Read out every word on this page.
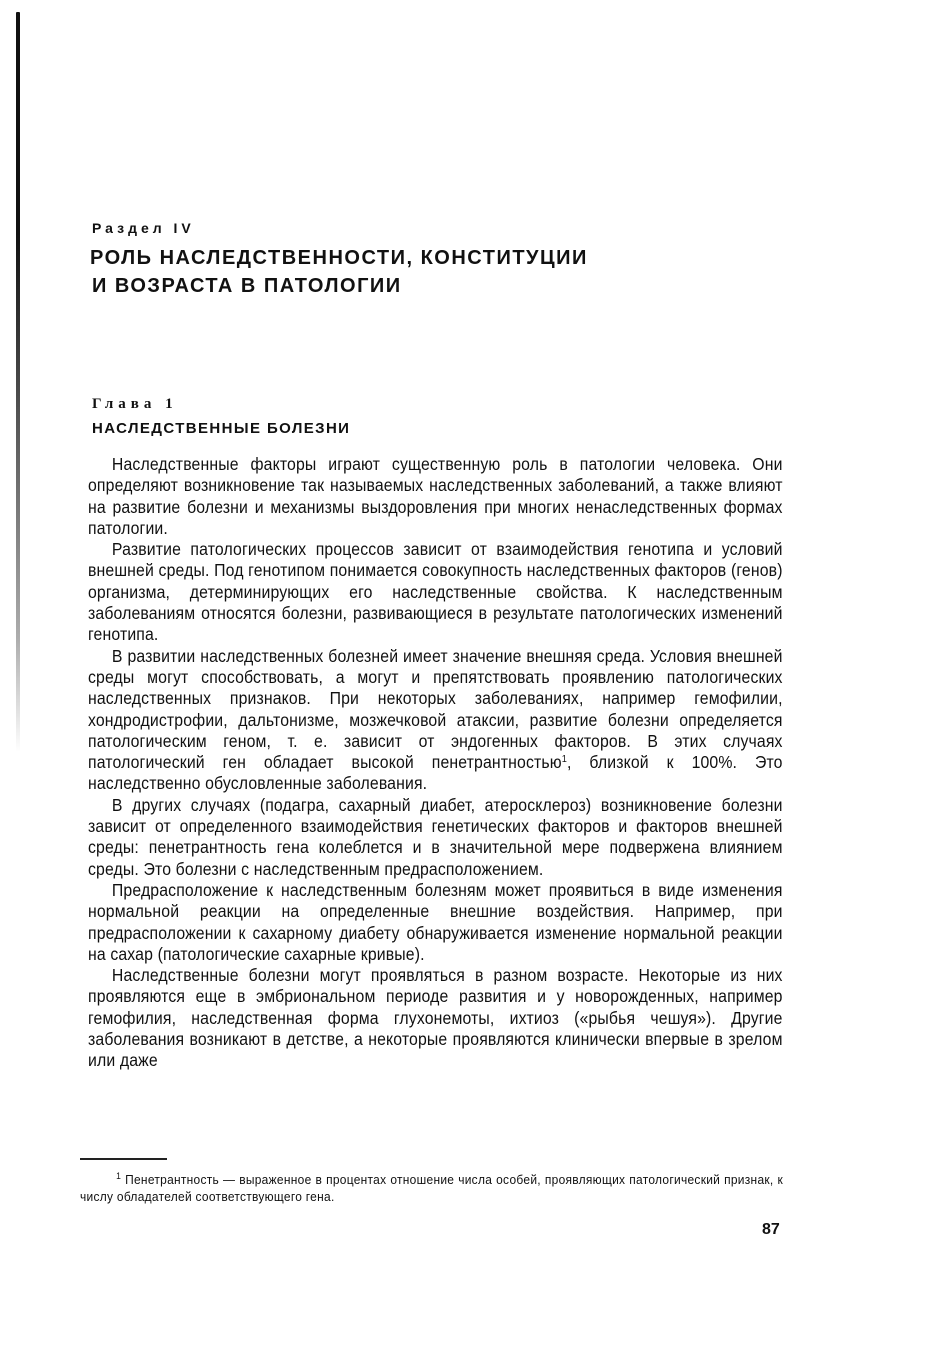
Раздел IV
РОЛЬ НАСЛЕДСТВЕННОСТИ, КОНСТИТУЦИИ
И ВОЗРАСТА В ПАТОЛОГИИ
Глава 1
НАСЛЕДСТВЕННЫЕ БОЛЕЗНИ

Наследственные факторы играют существенную роль в патологии человека. Они определяют возникновение так называемых наследственных заболеваний, а также влияют на развитие болезни и механизмы выздоровления при многих ненаследственных формах патологии.

Развитие патологических процессов зависит от взаимодействия генотипа и условий внешней среды. Под генотипом понимается совокупность наследственных факторов (генов) организма, детерминирующих его наследственные свойства. К наследственным заболеваниям относятся болезни, развивающиеся в результате патологических изменений генотипа.

В развитии наследственных болезней имеет значение внешняя среда. Условия внешней среды могут способствовать, а могут и препятствовать проявлению патологических наследственных признаков. При некоторых заболеваниях, например гемофилии, хондродистрофии, дальтонизме, мозжечковой атаксии, развитие болезни определяется патологическим геном, т. е. зависит от эндогенных факторов. В этих случаях патологический ген обладает высокой пенетрантностью$^1$, близкой к 100%. Это наследственно обусловленные заболевания.

В других случаях (подагра, сахарный диабет, атеросклероз) возникновение болезни зависит от определенного взаимодействия генетических факторов и факторов внешней среды: пенетрантность гена колеблется и в значительной мере подвержена влиянием среды. Это болезни с наследственным предрасположением.

Предрасположение к наследственным болезням может проявиться в виде изменения нормальной реакции на определенные внешние воздействия. Например, при предрасположении к сахарному диабету обнаруживается изменение нормальной реакции на сахар (патологические сахарные кривые).

Наследственные болезни могут проявляться в разном возрасте. Некоторые из них проявляются еще в эмбриональном периоде развития и у новорожденных, например гемофилия, наследственная форма глухонемоты, ихтиоз («рыбья чешуя»). Другие заболевания возникают в детстве, а некоторые проявляются клинически впервые в зрелом или даже

$^1$ Пенетрантность — выраженное в процентах отношение числа особей, проявляющих патологический признак, к числу обладателей соответствующего гена.

87
